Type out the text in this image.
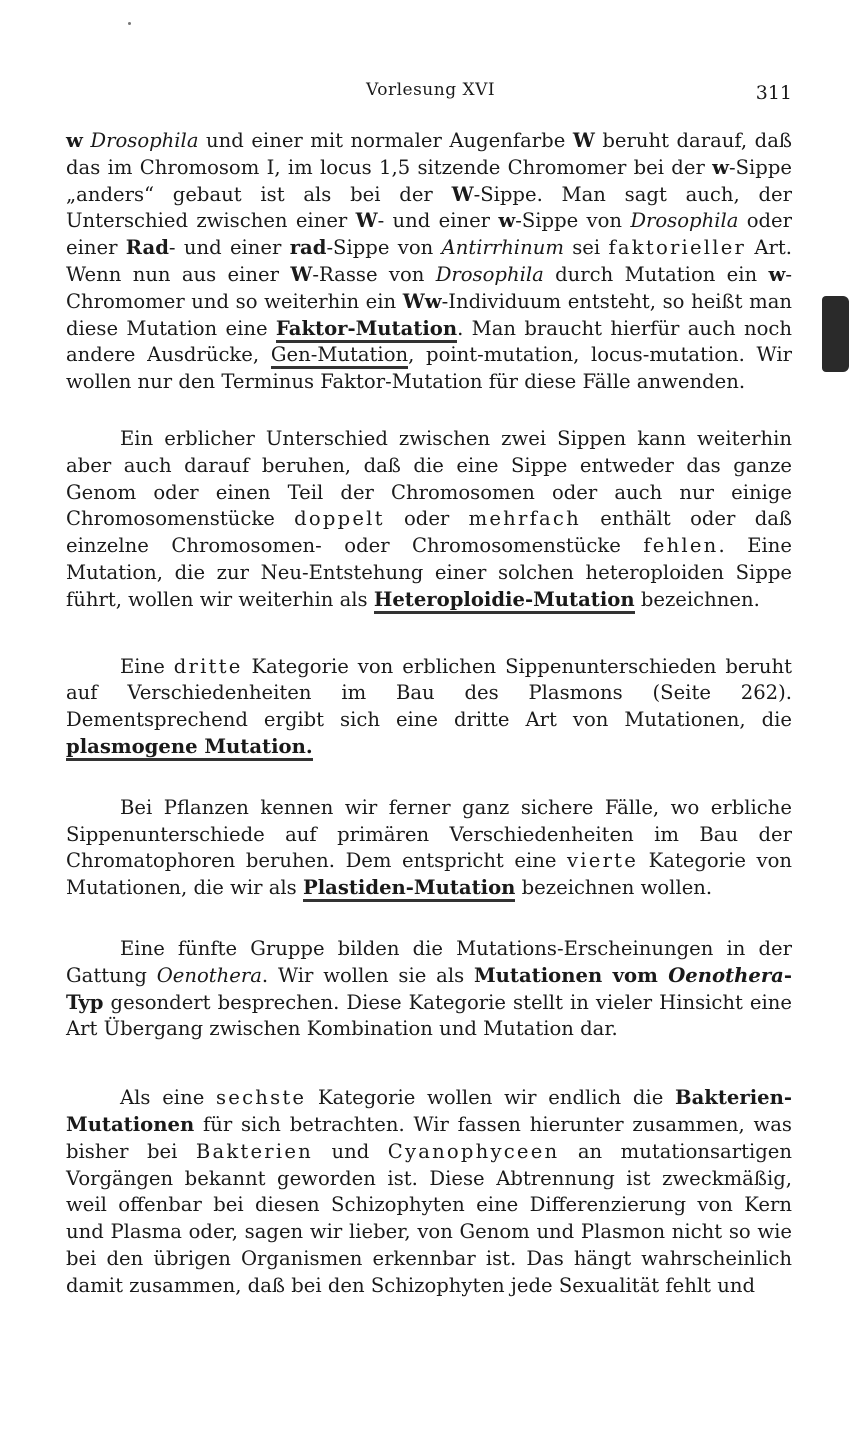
Vorlesung XVI	311

w Drosophila und einer mit normaler Augenfarbe W beruht darauf, daß das im Chromosom I, im locus 1,5 sitzende Chromomer bei der w-Sippe „anders“ gebaut ist als bei der W-Sippe. Man sagt auch, der Unterschied zwischen einer W- und einer w-Sippe von Drosophila oder einer Rad- und einer rad-Sippe von Antirrhinum sei faktorieller Art. Wenn nun aus einer W-Rasse von Drosophila durch Mutation ein w-Chromomer und so weiterhin ein Ww-Individuum entsteht, so heißt man diese Mutation eine Faktor-Mutation. Man braucht hierfür auch noch andere Ausdrücke, Gen-Mutation, point-mutation, locus-mutation. Wir wollen nur den Terminus Faktor-Mutation für diese Fälle anwenden.

Ein erblicher Unterschied zwischen zwei Sippen kann weiterhin aber auch darauf beruhen, daß die eine Sippe entweder das ganze Genom oder einen Teil der Chromosomen oder auch nur einige Chromosomenstücke doppelt oder mehrfach enthält oder daß einzelne Chromosomen- oder Chromosomenstücke fehlen. Eine Mutation, die zur Neu-Entstehung einer solchen heteroploiden Sippe führt, wollen wir weiterhin als Heteroploidie-Mutation bezeichnen.

Eine dritte Kategorie von erblichen Sippenunterschieden beruht auf Verschiedenheiten im Bau des Plasmons (Seite 262). Dementsprechend ergibt sich eine dritte Art von Mutationen, die plasmogene Mutation.

Bei Pflanzen kennen wir ferner ganz sichere Fälle, wo erbliche Sippenunterschiede auf primären Verschiedenheiten im Bau der Chromatophoren beruhen. Dem entspricht eine vierte Kategorie von Mutationen, die wir als Plastiden-Mutation bezeichnen wollen.

Eine fünfte Gruppe bilden die Mutations-Erscheinungen in der Gattung Oenothera. Wir wollen sie als Mutationen vom Oenothera-Typ gesondert besprechen. Diese Kategorie stellt in vieler Hinsicht eine Art Übergang zwischen Kombination und Mutation dar.

Als eine sechste Kategorie wollen wir endlich die Bakterien-Mutationen für sich betrachten. Wir fassen hierunter zusammen, was bisher bei Bakterien und Cyanophyceen an mutationsartigen Vorgängen bekannt geworden ist. Diese Abtrennung ist zweckmäßig, weil offenbar bei diesen Schizophyten eine Differenzierung von Kern und Plasma oder, sagen wir lieber, von Genom und Plasmon nicht so wie bei den übrigen Organismen erkennbar ist. Das hängt wahrscheinlich damit zusammen, daß bei den Schizophyten jede Sexualität fehlt und
